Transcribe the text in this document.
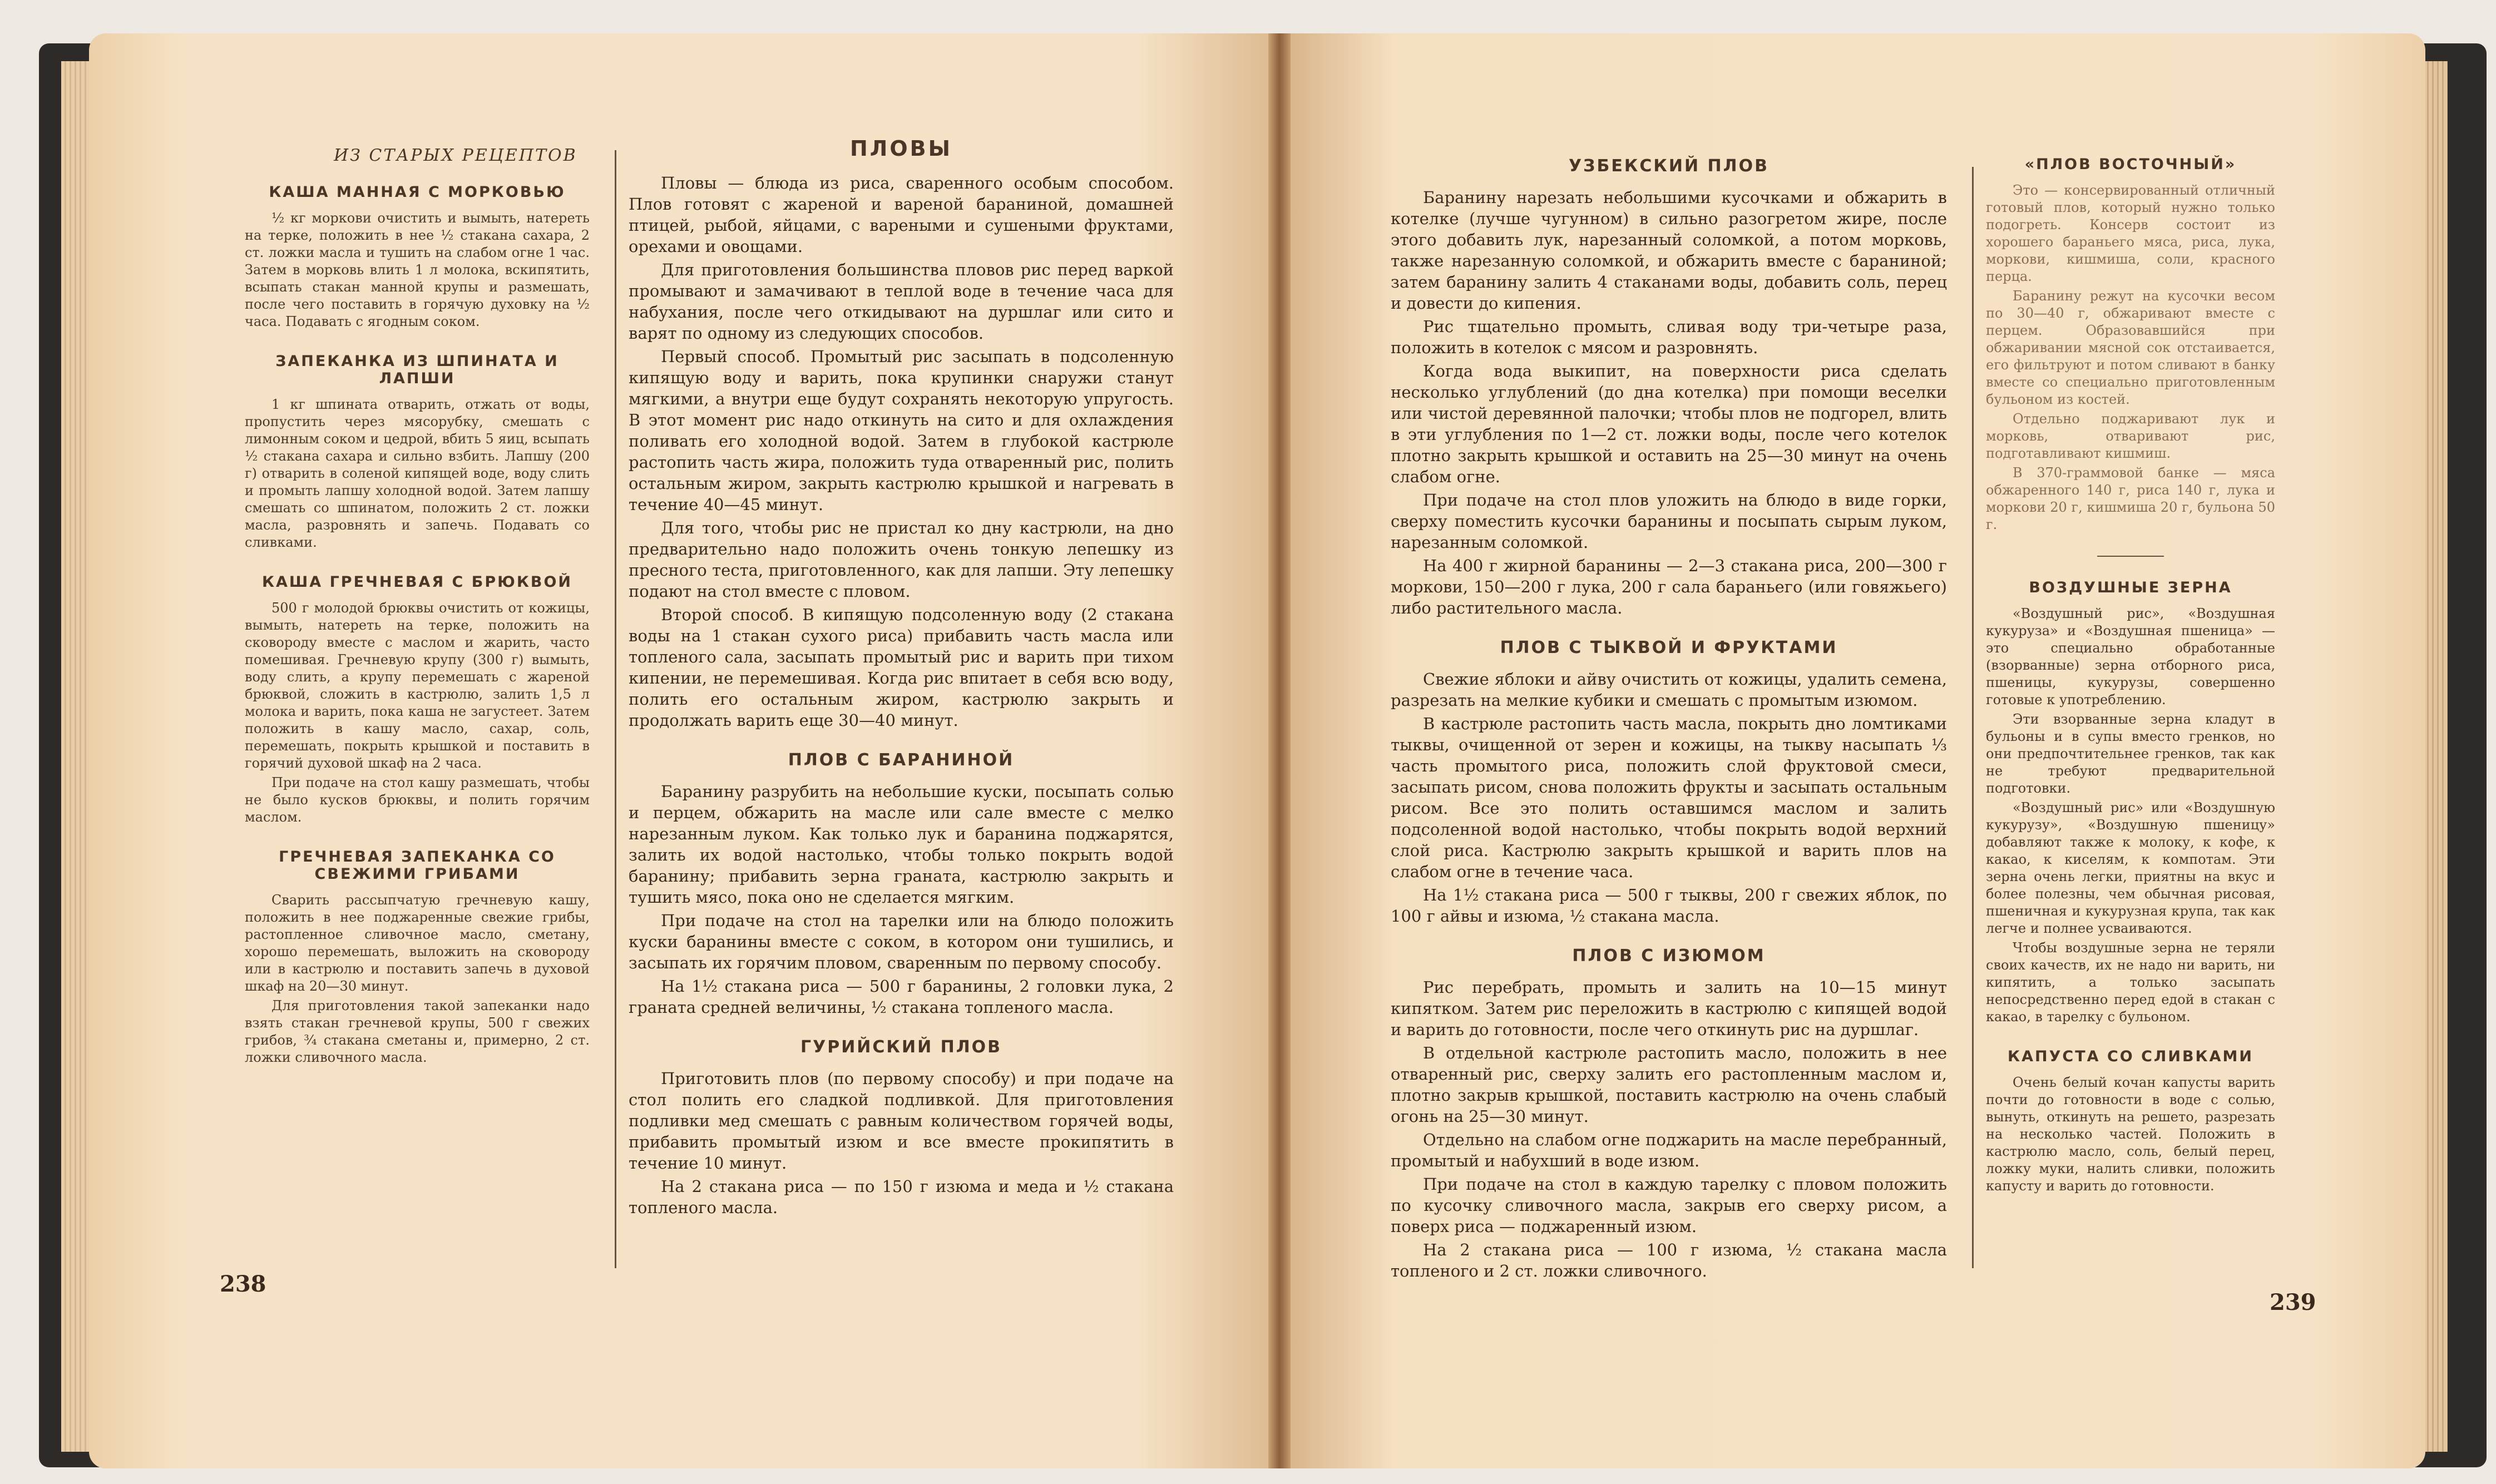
ИЗ СТАРЫХ РЕЦЕПТОВ
КАША МАННАЯ С МОРКОВЬЮ

½ кг моркови очистить и вымыть, натереть на терке, положить в нее ½ стакана сахара, 2 ст. ложки масла и тушить на слабом огне 1 час. Затем в морковь влить 1 л молока, вскипятить, всыпать стакан манной крупы и размешать, после чего поставить в горячую духовку на ½ часа. Подавать с ягодным соком.

ЗАПЕКАНКА ИЗ ШПИНАТА И ЛАПШИ

1 кг шпината отварить, отжать от воды, пропустить через мясорубку, смешать с лимонным соком и цедрой, вбить 5 яиц, всыпать ½ стакана сахара и сильно взбить. Лапшу (200 г) отварить в соленой кипящей воде, воду слить и промыть лапшу холодной водой. Затем лапшу смешать со шпинатом, положить 2 ст. ложки масла, разровнять и запечь. Подавать со сливками.

КАША ГРЕЧНЕВАЯ С БРЮКВОЙ

500 г молодой брюквы очистить от кожицы, вымыть, натереть на терке, положить на сковороду вместе с маслом и жарить, часто помешивая. Гречневую крупу (300 г) вымыть, воду слить, а крупу перемешать с жареной брюквой, сложить в кастрюлю, залить 1,5 л молока и варить, пока каша не загустеет. Затем положить в кашу масло, сахар, соль, перемешать, покрыть крышкой и поставить в горячий духовой шкаф на 2 часа.

При подаче на стол кашу размешать, чтобы не было кусков брюквы, и полить горячим маслом.

ГРЕЧНЕВАЯ ЗАПЕКАНКА СО СВЕЖИМИ ГРИБАМИ

Сварить рассыпчатую гречневую кашу, положить в нее поджаренные свежие грибы, растопленное сливочное масло, сметану, хорошо перемешать, выложить на сковороду или в кастрюлю и поставить запечь в духовой шкаф на 20—30 минут.

Для приготовления такой запеканки надо взять стакан гречневой крупы, 500 г свежих грибов, ¾ стакана сметаны и, примерно, 2 ст. ложки сливочного масла.

ПЛОВЫ

Пловы — блюда из риса, сваренного особым способом. Плов готовят с жареной и вареной бараниной, домашней птицей, рыбой, яйцами, с вареными и сушеными фруктами, орехами и овощами.

Для приготовления большинства пловов рис перед варкой промывают и замачивают в теплой воде в течение часа для набухания, после чего откидывают на дуршлаг или сито и варят по одному из следующих способов.

Первый способ. Промытый рис засыпать в подсоленную кипящую воду и варить, пока крупинки снаружи станут мягкими, а внутри еще будут сохранять некоторую упругость. В этот момент рис надо откинуть на сито и для охлаждения поливать его холодной водой. Затем в глубокой кастрюле растопить часть жира, положить туда отваренный рис, полить остальным жиром, закрыть кастрюлю крышкой и нагревать в течение 40—45 минут.

Для того, чтобы рис не пристал ко дну кастрюли, на дно предварительно надо положить очень тонкую лепешку из пресного теста, приготовленного, как для лапши. Эту лепешку подают на стол вместе с пловом.

Второй способ. В кипящую подсоленную воду (2 стакана воды на 1 стакан сухого риса) прибавить часть масла или топленого сала, засыпать промытый рис и варить при тихом кипении, не перемешивая. Когда рис впитает в себя всю воду, полить его остальным жиром, кастрюлю закрыть и продолжать варить еще 30—40 минут.

ПЛОВ С БАРАНИНОЙ

Баранину разрубить на небольшие куски, посыпать солью и перцем, обжарить на масле или сале вместе с мелко нарезанным луком. Как только лук и баранина поджарятся, залить их водой настолько, чтобы только покрыть водой баранину; прибавить зерна граната, кастрюлю закрыть и тушить мясо, пока оно не сделается мягким.

При подаче на стол на тарелки или на блюдо положить куски баранины вместе с соком, в котором они тушились, и засыпать их горячим пловом, сваренным по первому способу.

На 1½ стакана риса — 500 г баранины, 2 головки лука, 2 граната средней величины, ½ стакана топленого масла.

ГУРИЙСКИЙ ПЛОВ

Приготовить плов (по первому способу) и при подаче на стол полить его сладкой подливкой. Для приготовления подливки мед смешать с равным количеством горячей воды, прибавить промытый изюм и все вместе прокипятить в течение 10 минут.

На 2 стакана риса — по 150 г изюма и меда и ½ стакана топленого масла.

238
УЗБЕКСКИЙ ПЛОВ

Баранину нарезать небольшими кусочками и обжарить в котелке (лучше чугунном) в сильно разогретом жире, после этого добавить лук, нарезанный соломкой, а потом морковь, также нарезанную соломкой, и обжарить вместе с бараниной; затем баранину залить 4 стаканами воды, добавить соль, перец и довести до кипения.

Рис тщательно промыть, сливая воду три-четыре раза, положить в котелок с мясом и разровнять.

Когда вода выкипит, на поверхности риса сделать несколько углублений (до дна котелка) при помощи веселки или чистой деревянной палочки; чтобы плов не подгорел, влить в эти углубления по 1—2 ст. ложки воды, после чего котелок плотно закрыть крышкой и оставить на 25—30 минут на очень слабом огне.

При подаче на стол плов уложить на блюдо в виде горки, сверху поместить кусочки баранины и посыпать сырым луком, нарезанным соломкой.

На 400 г жирной баранины — 2—3 стакана риса, 200—300 г моркови, 150—200 г лука, 200 г сала бараньего (или говяжьего) либо растительного масла.

ПЛОВ С ТЫКВОЙ И ФРУКТАМИ

Свежие яблоки и айву очистить от кожицы, удалить семена, разрезать на мелкие кубики и смешать с промытым изюмом.

В кастрюле растопить часть масла, покрыть дно ломтиками тыквы, очищенной от зерен и кожицы, на тыкву насыпать ⅓ часть промытого риса, положить слой фруктовой смеси, засыпать рисом, снова положить фрукты и засыпать остальным рисом. Все это полить оставшимся маслом и залить подсоленной водой настолько, чтобы покрыть водой верхний слой риса. Кастрюлю закрыть крышкой и варить плов на слабом огне в течение часа.

На 1½ стакана риса — 500 г тыквы, 200 г свежих яблок, по 100 г айвы и изюма, ½ стакана масла.

ПЛОВ С ИЗЮМОМ

Рис перебрать, промыть и залить на 10—15 минут кипятком. Затем рис переложить в кастрюлю с кипящей водой и варить до готовности, после чего откинуть рис на дуршлаг.

В отдельной кастрюле растопить масло, положить в нее отваренный рис, сверху залить его растопленным маслом и, плотно закрыв крышкой, поставить кастрюлю на очень слабый огонь на 25—30 минут.

Отдельно на слабом огне поджарить на масле перебранный, промытый и набухший в воде изюм.

При подаче на стол в каждую тарелку с пловом положить по кусочку сливочного масла, закрыв его сверху рисом, а поверх риса — поджаренный изюм.

На 2 стакана риса — 100 г изюма, ½ стакана масла топленого и 2 ст. ложки сливочного.

«ПЛОВ ВОСТОЧНЫЙ»

Это — консервированный отличный готовый плов, который нужно только подогреть. Консерв состоит из хорошего бараньего мяса, риса, лука, моркови, кишмиша, соли, красного перца.

Баранину режут на кусочки весом по 30—40 г, обжаривают вместе с перцем. Образовавшийся при обжаривании мясной сок отстаивается, его фильтруют и потом сливают в банку вместе со специально приготовленным бульоном из костей.

Отдельно поджаривают лук и морковь, отваривают рис, подготавливают кишмиш.

В 370-граммовой банке — мяса обжаренного 140 г, риса 140 г, лука и моркови 20 г, кишмиша 20 г, бульона 50 г.

ВОЗДУШНЫЕ ЗЕРНА

«Воздушный рис», «Воздушная кукуруза» и «Воздушная пшеница» — это специально обработанные (взорванные) зерна отборного риса, пшеницы, кукурузы, совершенно готовые к употреблению.

Эти взорванные зерна кладут в бульоны и в супы вместо гренков, но они предпочтительнее гренков, так как не требуют предварительной подготовки.

«Воздушный рис» или «Воздушную кукурузу», «Воздушную пшеницу» добавляют также к молоку, к кофе, к какао, к киселям, к компотам. Эти зерна очень легки, приятны на вкус и более полезны, чем обычная рисовая, пшеничная и кукурузная крупа, так как легче и полнее усваиваются.

Чтобы воздушные зерна не теряли своих качеств, их не надо ни варить, ни кипятить, а только засыпать непосредственно перед едой в стакан с какао, в тарелку с бульоном.

КАПУСТА СО СЛИВКАМИ

Очень белый кочан капусты варить почти до готовности в воде с солью, вынуть, откинуть на решето, разрезать на несколько частей. Положить в кастрюлю масло, соль, белый перец, ложку муки, налить сливки, положить капусту и варить до готовности.

239
